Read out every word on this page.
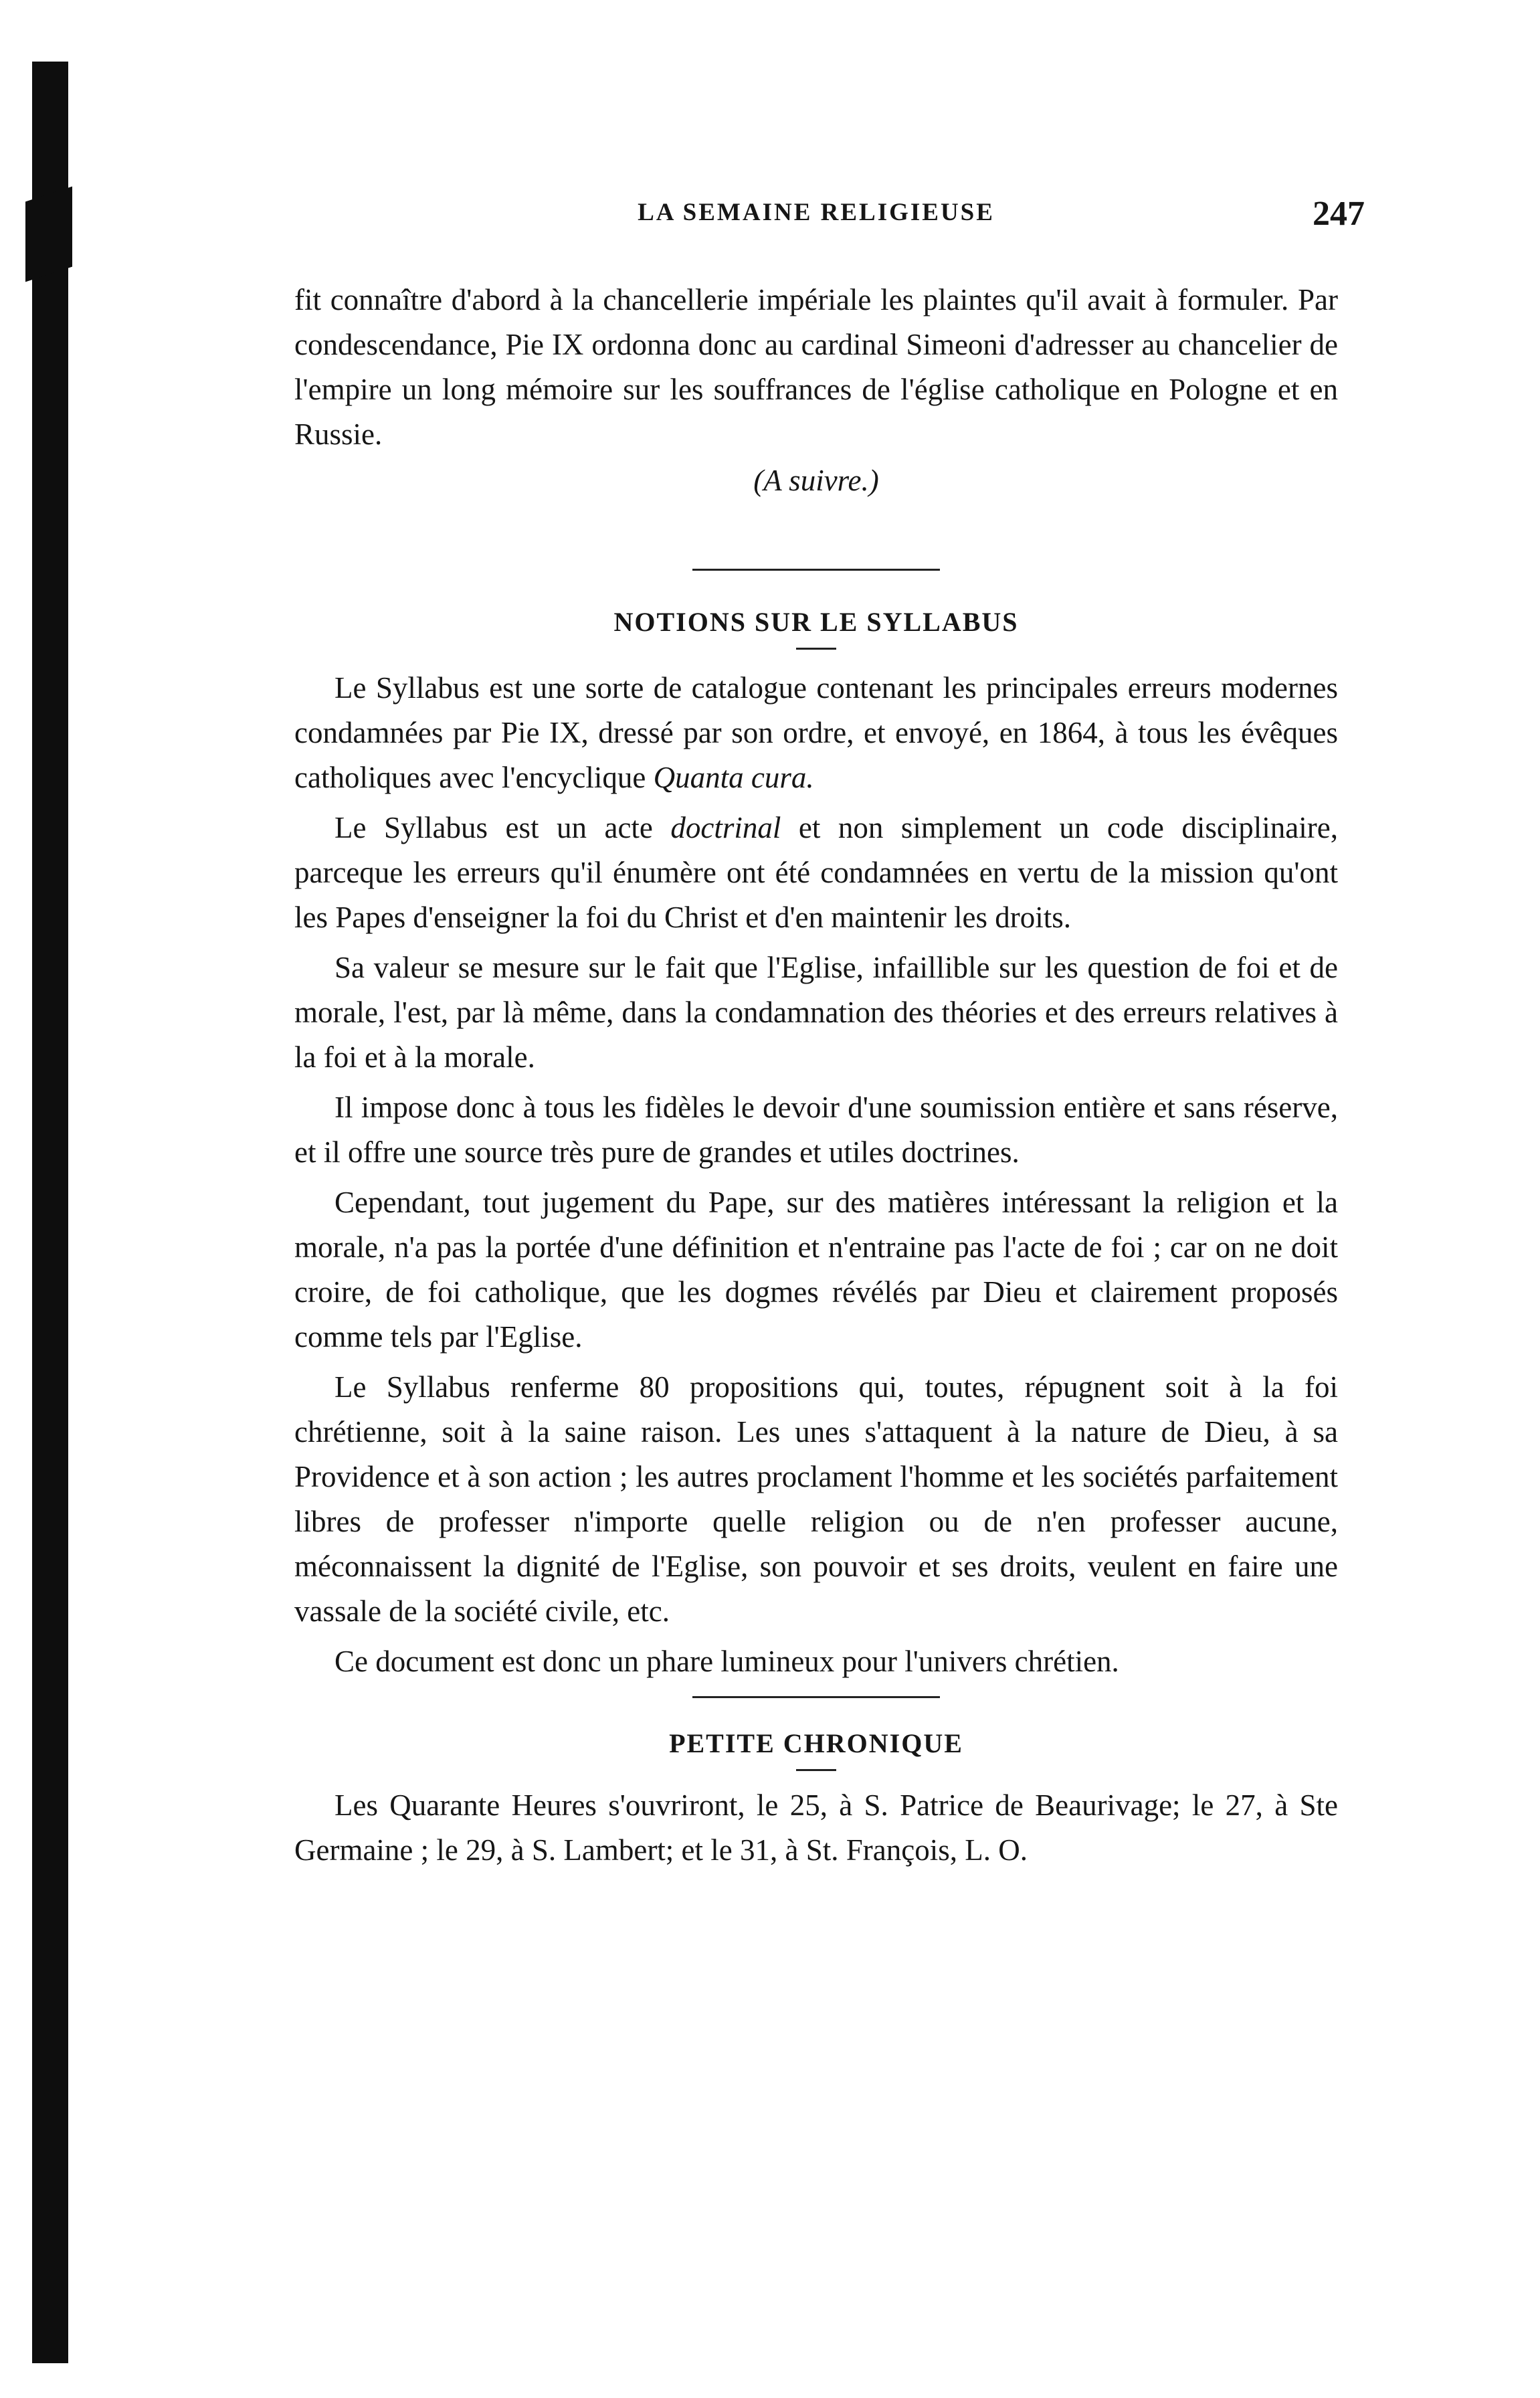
LA SEMAINE RELIGIEUSE	247

fit connaître d'abord à la chancellerie impériale les plaintes qu'il avait à formuler. Par condescendance, Pie IX ordonna donc au cardinal Simeoni d'adresser au chancelier de l'empire un long mémoire sur les souffrances de l'église catholique en Pologne et en Russie.

(A suivre.)
NOTIONS SUR LE SYLLABUS

Le Syllabus est une sorte de catalogue contenant les principales erreurs modernes condamnées par Pie IX, dressé par son ordre, et envoyé, en 1864, à tous les évêques catholiques avec l'encyclique Quanta cura.

Le Syllabus est un acte doctrinal et non simplement un code disciplinaire, parceque les erreurs qu'il énumère ont été condamnées en vertu de la mission qu'ont les Papes d'enseigner la foi du Christ et d'en maintenir les droits.

Sa valeur se mesure sur le fait que l'Eglise, infaillible sur les question de foi et de morale, l'est, par là même, dans la condamnation des théories et des erreurs relatives à la foi et à la morale.

Il impose donc à tous les fidèles le devoir d'une soumission entière et sans réserve, et il offre une source très pure de grandes et utiles doctrines.

Cependant, tout jugement du Pape, sur des matières intéressant la religion et la morale, n'a pas la portée d'une définition et n'entraine pas l'acte de foi ; car on ne doit croire, de foi catholique, que les dogmes révélés par Dieu et clairement proposés comme tels par l'Eglise.

Le Syllabus renferme 80 propositions qui, toutes, répugnent soit à la foi chrétienne, soit à la saine raison. Les unes s'attaquent à la nature de Dieu, à sa Providence et à son action ; les autres proclament l'homme et les sociétés parfaitement libres de professer n'importe quelle religion ou de n'en professer aucune, méconnaissent la dignité de l'Eglise, son pouvoir et ses droits, veulent en faire une vassale de la société civile, etc.

Ce document est donc un phare lumineux pour l'univers chrétien.

PETITE CHRONIQUE

Les Quarante Heures s'ouvriront, le 25, à S. Patrice de Beaurivage; le 27, à Ste Germaine ; le 29, à S. Lambert; et le 31, à St. François, L. O.
